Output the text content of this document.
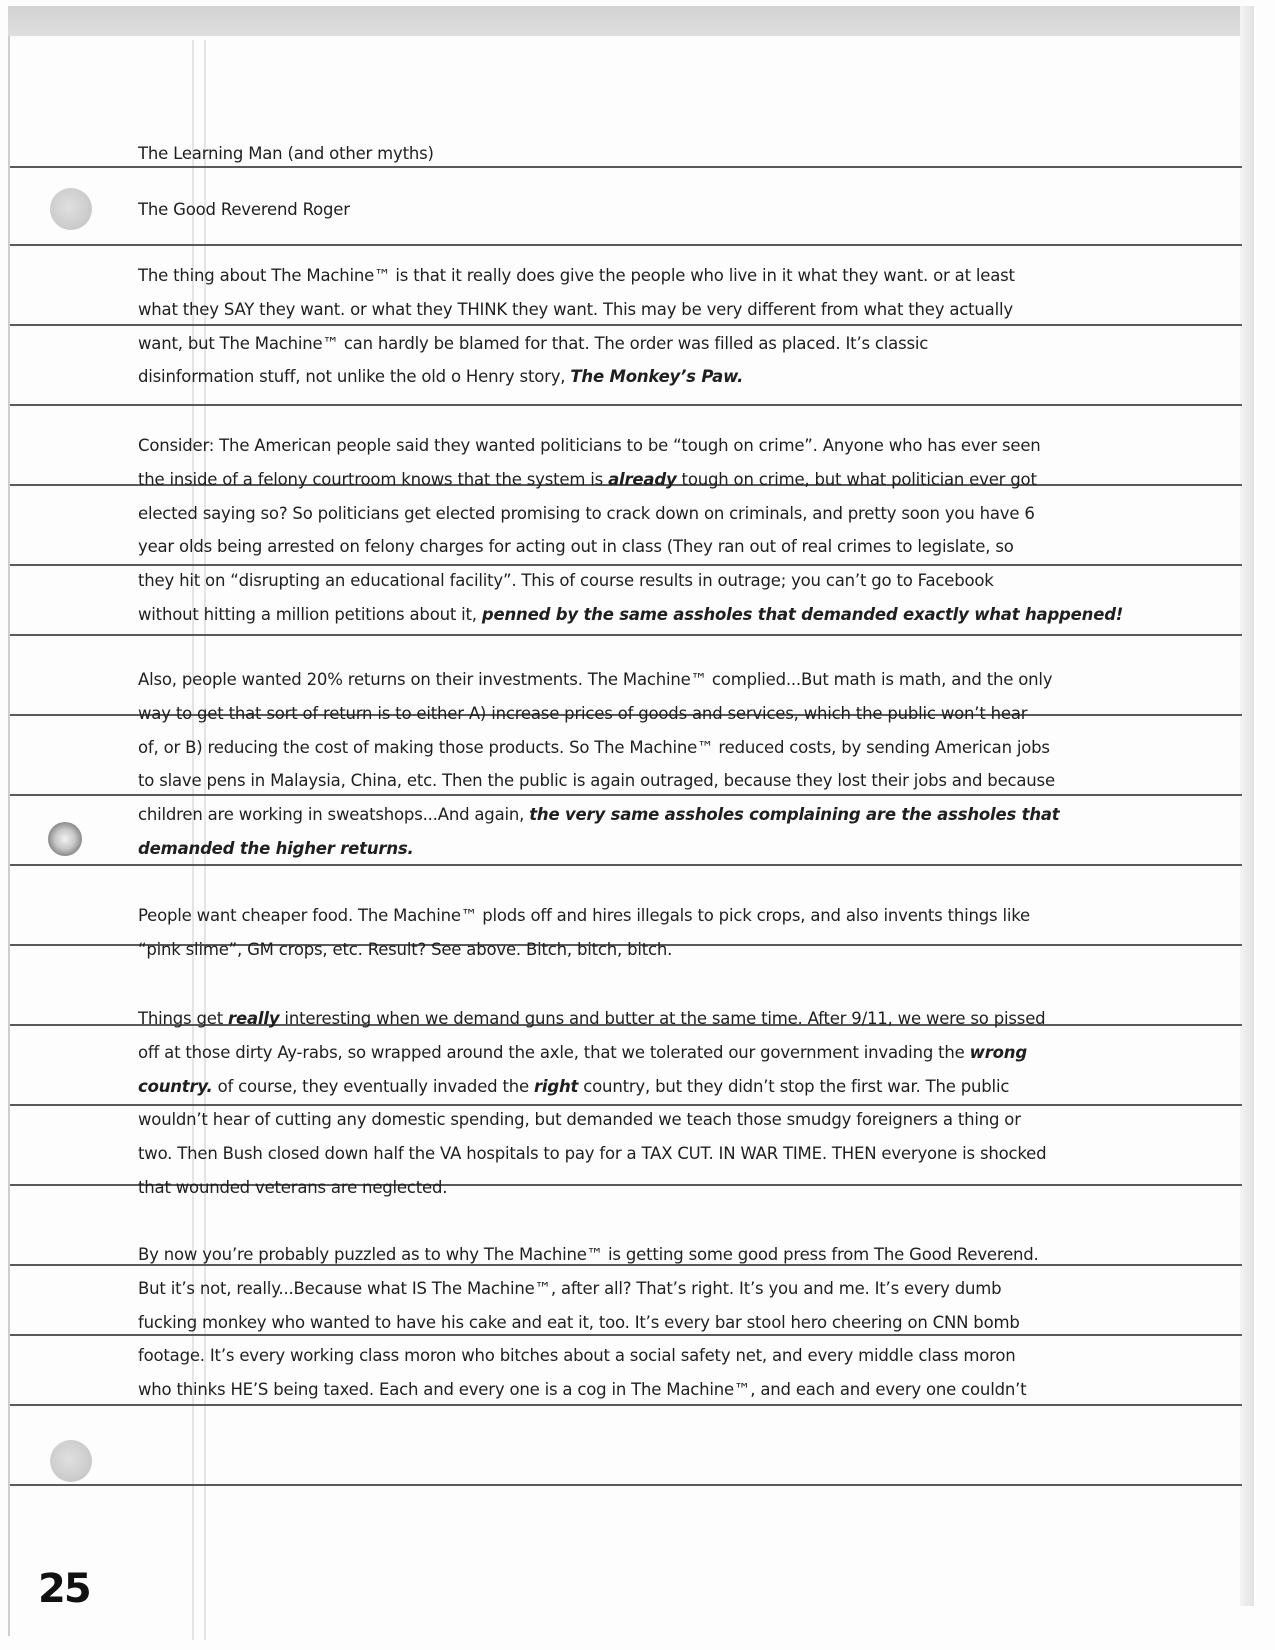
The Learning Man (and other myths)
The Good Reverend Roger
The thing about The Machine™ is that it really does give the people who live in it what they want. or at least
what they SAY they want. or what they THINK they want. This may be very different from what they actually
want, but The Machine™ can hardly be blamed for that. The order was filled as placed. It’s classic
disinformation stuff, not unlike the old o Henry story, The Monkey’s Paw.
Consider: The American people said they wanted politicians to be “tough on crime”. Anyone who has ever seen
the inside of a felony courtroom knows that the system is already tough on crime, but what politician ever got
elected saying so? So politicians get elected promising to crack down on criminals, and pretty soon you have 6
year olds being arrested on felony charges for acting out in class (They ran out of real crimes to legislate, so
they hit on “disrupting an educational facility”. This of course results in outrage; you can’t go to Facebook
without hitting a million petitions about it, penned by the same assholes that demanded exactly what happened!
Also, people wanted 20% returns on their investments. The Machine™ complied...But math is math, and the only
way to get that sort of return is to either A) increase prices of goods and services, which the public won’t hear
of, or B) reducing the cost of making those products. So The Machine™ reduced costs, by sending American jobs
to slave pens in Malaysia, China, etc. Then the public is again outraged, because they lost their jobs and because
children are working in sweatshops...And again, the very same assholes complaining are the assholes that
demanded the higher returns.
People want cheaper food. The Machine™ plods off and hires illegals to pick crops, and also invents things like
“pink slime”, GM crops, etc. Result? See above. Bitch, bitch, bitch.
Things get really interesting when we demand guns and butter at the same time. After 9/11, we were so pissed
off at those dirty Ay-rabs, so wrapped around the axle, that we tolerated our government invading the wrong
country. of course, they eventually invaded the right country, but they didn’t stop the first war. The public
wouldn’t hear of cutting any domestic spending, but demanded we teach those smudgy foreigners a thing or
two. Then Bush closed down half the VA hospitals to pay for a TAX CUT. IN WAR TIME. THEN everyone is shocked
that wounded veterans are neglected.
By now you’re probably puzzled as to why The Machine™ is getting some good press from The Good Reverend.
But it’s not, really...Because what IS The Machine™, after all? That’s right. It’s you and me. It’s every dumb
fucking monkey who wanted to have his cake and eat it, too. It’s every bar stool hero cheering on CNN bomb
footage. It’s every working class moron who bitches about a social safety net, and every middle class moron
who thinks HE’S being taxed. Each and every one is a cog in The Machine™, and each and every one couldn’t
25
